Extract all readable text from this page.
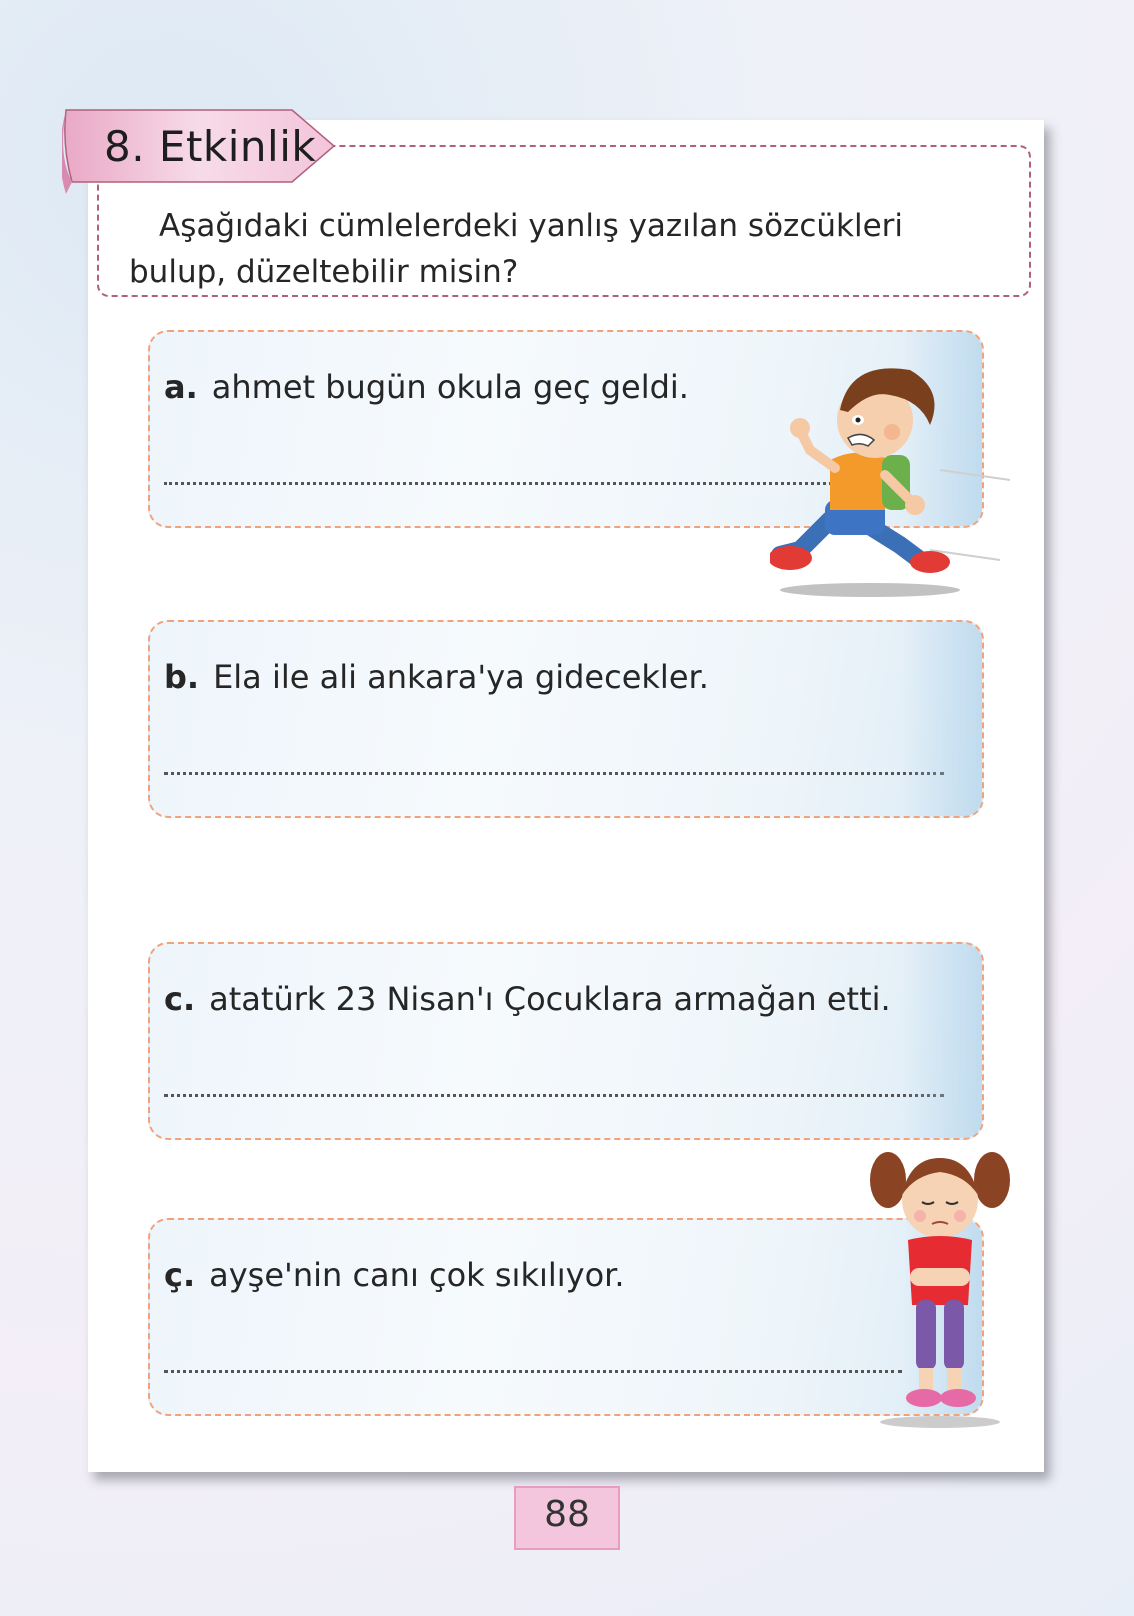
Aşağıdaki cümlelerdeki yanlış yazılan sözcükleri bulup, düzeltebilir misin?
8. Etkinlik
a. ahmet bugün okula geç geldi.
b. Ela ile ali ankara'ya gidecekler.
c. atatürk 23 Nisan'ı Çocuklara armağan etti.
ç. ayşe'nin canı çok sıkılıyor.
88
